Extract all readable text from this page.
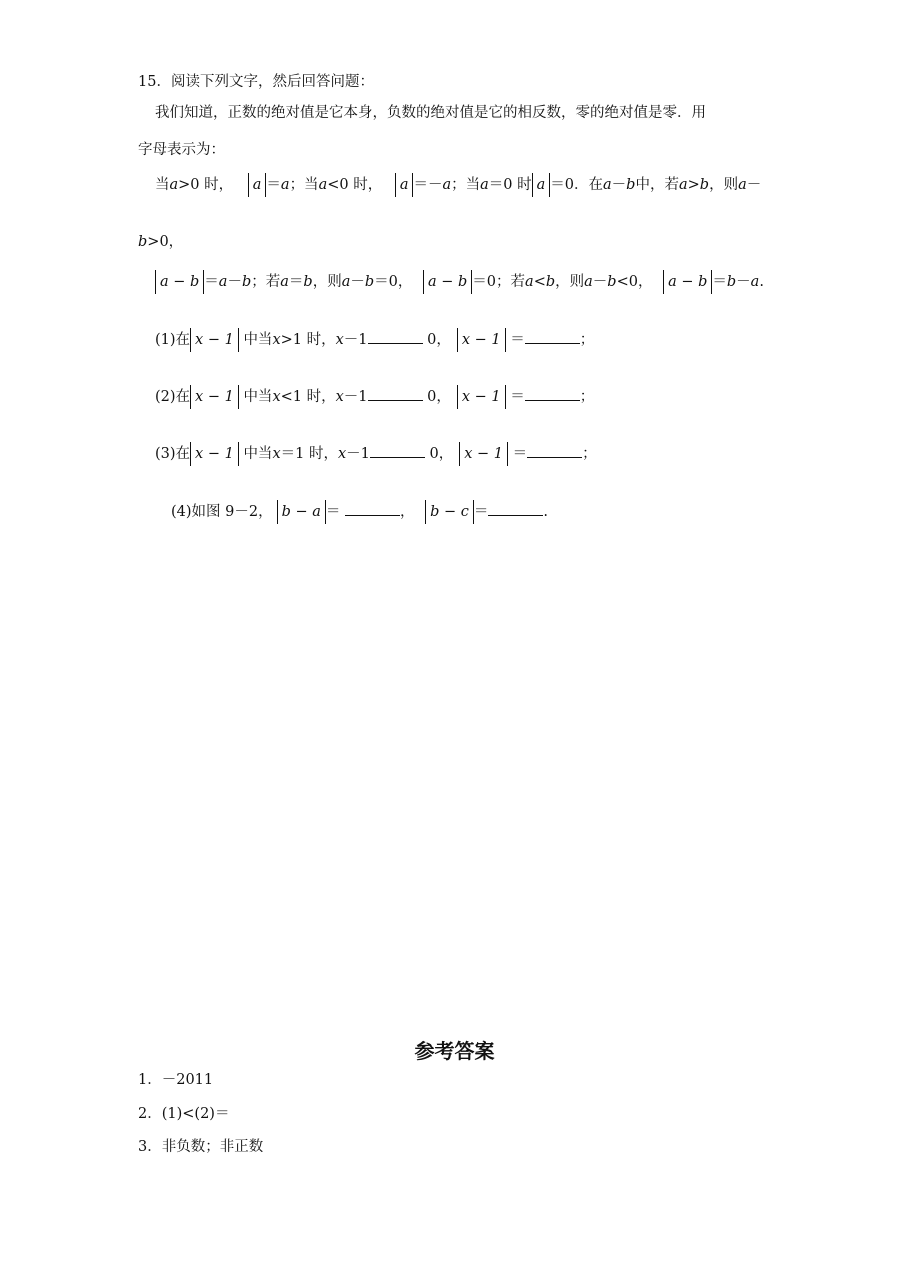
15．阅读下列文字，然后回答问题：
我们知道，正数的绝对值是它本身，负数的绝对值是它的相反数，零的绝对值是零．用
字母表示为：
当a>0 时， a ＝a；当a<0 时， a ＝－a；当a＝0 时 a ＝0．在a－b中，若a>b，则a－
b>0，
a − b ＝a－b；若a＝b，则a－b＝0， a − b ＝0；若a<b，则a－b<0， a − b ＝b－a.
(1)在 x − 1 中当x>1 时，x－1	0， x − 1 ＝	；
(2)在 x − 1 中当x<1 时，x－1	0， x − 1 ＝	；
(3)在 x − 1 中当x＝1 时，x－1	0， x − 1 ＝	；
(4)如图 9－2， b − a ＝	， b − c ＝	.
参考答案
1．－2011
2．(1)<(2)＝
3．非负数；非正数
